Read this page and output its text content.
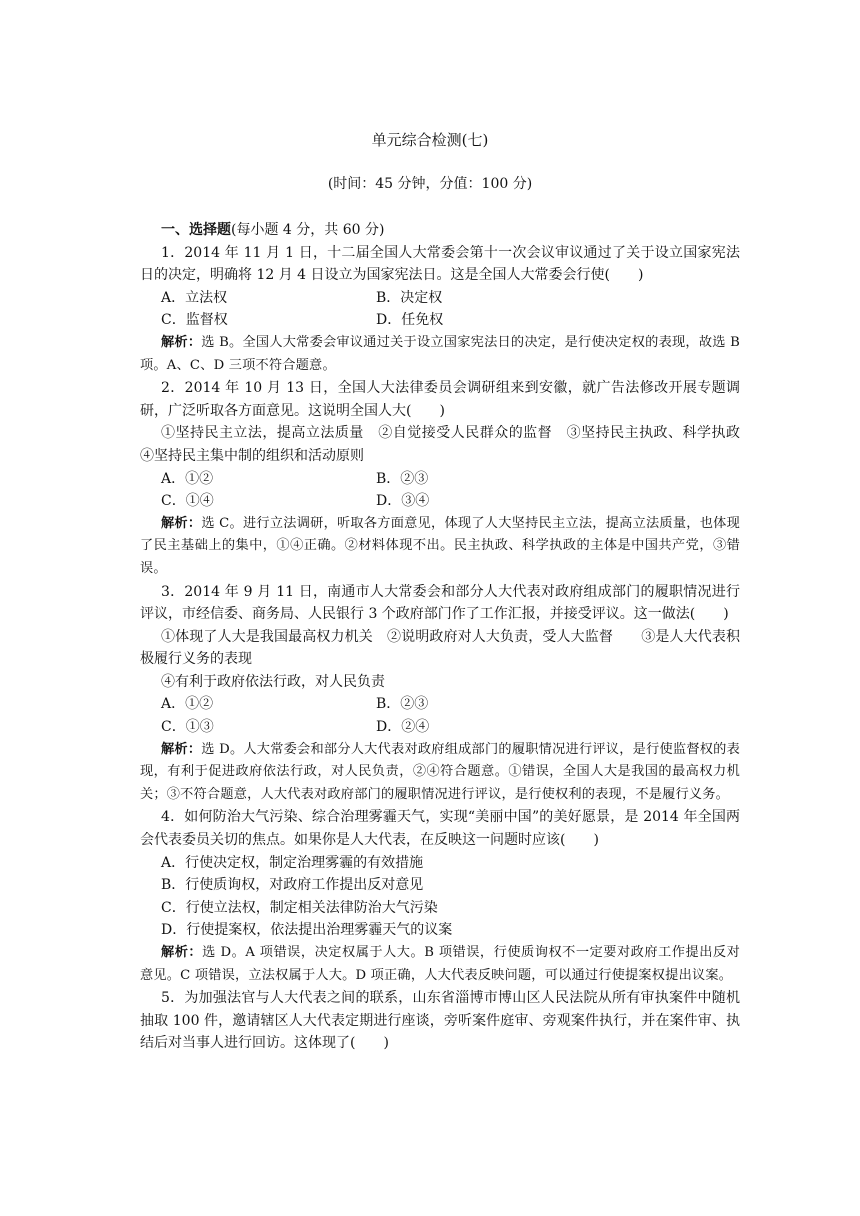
单元综合检测(七)
(时间：45 分钟，分值：100 分)

一、选择题(每小题 4 分，共 60 分)

1．2014 年 11 月 1 日，十二届全国人大常委会第十一次会议审议通过了关于设立国家宪法日的决定，明确将 12 月 4 日设立为国家宪法日。这是全国人大常委会行使(　　)

A．立法权	B．决定权
C．监督权	D．任免权

解析：选 B。全国人大常委会审议通过关于设立国家宪法日的决定，是行使决定权的表现，故选 B 项。A、C、D 三项不符合题意。

2．2014 年 10 月 13 日，全国人大法律委员会调研组来到安徽，就广告法修改开展专题调研，广泛听取各方面意见。这说明全国人大(　　)

①坚持民主立法，提高立法质量　②自觉接受人民群众的监督　③坚持民主执政、科学执政　④坚持民主集中制的组织和活动原则

A．①②	B．②③
C．①④	D．③④

解析：选 C。进行立法调研，听取各方面意见，体现了人大坚持民主立法，提高立法质量，也体现了民主基础上的集中，①④正确。②材料体现不出。民主执政、科学执政的主体是中国共产党，③错误。

3．2014 年 9 月 11 日，南通市人大常委会和部分人大代表对政府组成部门的履职情况进行评议，市经信委、商务局、人民银行 3 个政府部门作了工作汇报，并接受评议。这一做法(　　)

①体现了人大是我国最高权力机关　②说明政府对人大负责，受人大监督　　③是人大代表积极履行义务的表现

④有利于政府依法行政，对人民负责

A．①②	B．②③
C．①③	D．②④

解析：选 D。人大常委会和部分人大代表对政府组成部门的履职情况进行评议，是行使监督权的表现，有利于促进政府依法行政，对人民负责，②④符合题意。①错误，全国人大是我国的最高权力机关；③不符合题意，人大代表对政府部门的履职情况进行评议，是行使权利的表现，不是履行义务。

4．如何防治大气污染、综合治理雾霾天气，实现“美丽中国”的美好愿景，是 2014 年全国两会代表委员关切的焦点。如果你是人大代表，在反映这一问题时应该(　　)

A．行使决定权，制定治理雾霾的有效措施
B．行使质询权，对政府工作提出反对意见
C．行使立法权，制定相关法律防治大气污染
D．行使提案权，依法提出治理雾霾天气的议案

解析：选 D。A 项错误，决定权属于人大。B 项错误，行使质询权不一定要对政府工作提出反对意见。C 项错误，立法权属于人大。D 项正确，人大代表反映问题，可以通过行使提案权提出议案。

5．为加强法官与人大代表之间的联系，山东省淄博市博山区人民法院从所有审执案件中随机抽取 100 件，邀请辖区人大代表定期进行座谈，旁听案件庭审、旁观案件执行，并在案件审、执结后对当事人进行回访。这体现了(　　)
